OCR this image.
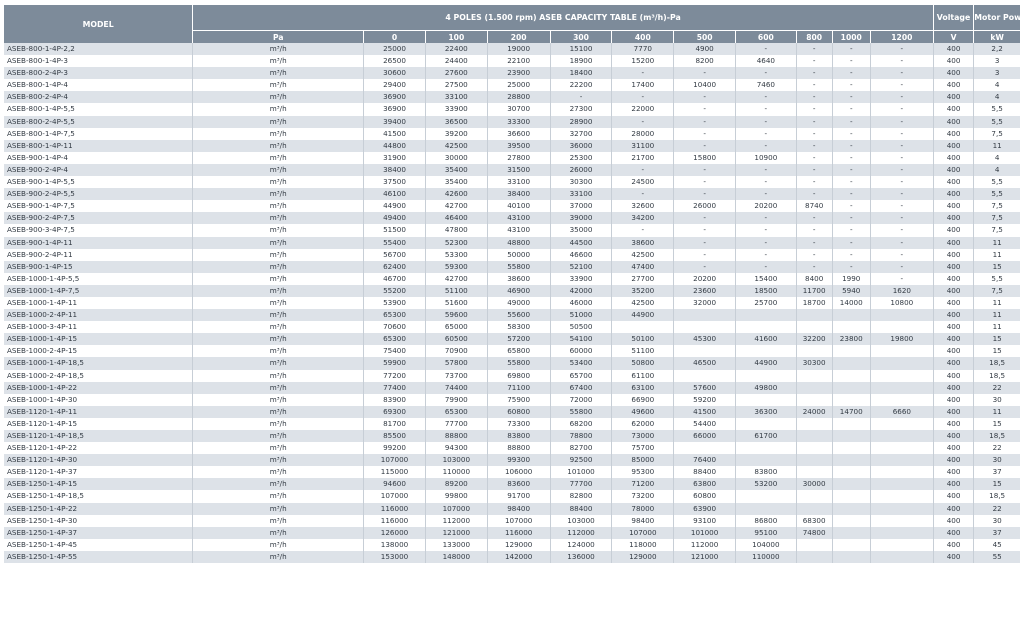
MODEL	4 POLES (1.500 rpm) ASEB CAPACITY TABLE (m³/h)-Pa											Voltage	Motor Power
	Pa	0	100	200	300	400	500	600	800	1000	1200	V	kW
ASEB-800-1-4P-2,2	m³/h	25000	22400	19000	15100	7770	4900	-	-	-	-	400	2,2
ASEB-800-1-4P-3	m³/h	26500	24400	22100	18900	15200	8200	4640	-	-	-	400	3
ASEB-800-2-4P-3	m³/h	30600	27600	23900	18400	-	-	-	-	-	-	400	3
ASEB-800-1-4P-4	m³/h	29400	27500	25000	22200	17400	10400	7460	-	-	-	400	4
ASEB-800-2-4P-4	m³/h	36900	33100	28800	-	-	-	-	-	-	-	400	4
ASEB-800-1-4P-5,5	m³/h	36900	33900	30700	27300	22000	-	-	-	-	-	400	5,5
ASEB-800-2-4P-5,5	m³/h	39400	36500	33300	28900	-	-	-	-	-	-	400	5,5
ASEB-800-1-4P-7,5	m³/h	41500	39200	36600	32700	28000	-	-	-	-	-	400	7,5
ASEB-800-1-4P-11	m³/h	44800	42500	39500	36000	31100	-	-	-	-	-	400	11
ASEB-900-1-4P-4	m³/h	31900	30000	27800	25300	21700	15800	10900	-	-	-	400	4
ASEB-900-2-4P-4	m³/h	38400	35400	31500	26000	-	-	-	-	-	-	400	4
ASEB-900-1-4P-5,5	m³/h	37500	35400	33100	30300	24500	-	-	-	-	-	400	5,5
ASEB-900-2-4P-5,5	m³/h	46100	42600	38400	33100	-	-	-	-	-	-	400	5,5
ASEB-900-1-4P-7,5	m³/h	44900	42700	40100	37000	32600	26000	20200	8740	-	-	400	7,5
ASEB-900-2-4P-7,5	m³/h	49400	46400	43100	39000	34200	-	-	-	-	-	400	7,5
ASEB-900-3-4P-7,5	m³/h	51500	47800	43100	35000	-	-	-	-	-	-	400	7,5
ASEB-900-1-4P-11	m³/h	55400	52300	48800	44500	38600	-	-	-	-	-	400	11
ASEB-900-2-4P-11	m³/h	56700	53300	50000	46600	42500	-	-	-	-	-	400	11
ASEB-900-1-4P-15	m³/h	62400	59300	55800	52100	47400	-	-	-	-	-	400	15
ASEB-1000-1-4P-5,5	m³/h	46700	42700	38600	33900	27700	20200	15400	8400	1990	-	400	5,5
ASEB-1000-1-4P-7,5	m³/h	55200	51100	46900	42000	35200	23600	18500	11700	5940	1620	400	7,5
ASEB-1000-1-4P-11	m³/h	53900	51600	49000	46000	42500	32000	25700	18700	14000	10800	400	11
ASEB-1000-2-4P-11	m³/h	65300	59600	55600	51000	44900						400	11
ASEB-1000-3-4P-11	m³/h	70600	65000	58300	50500							400	11
ASEB-1000-1-4P-15	m³/h	65300	60500	57200	54100	50100	45300	41600	32200	23800	19800	400	15
ASEB-1000-2-4P-15	m³/h	75400	70900	65800	60000	51100						400	15
ASEB-1000-1-4P-18,5	m³/h	59900	57800	55800	53400	50800	46500	44900	30300			400	18,5
ASEB-1000-2-4P-18,5	m³/h	77200	73700	69800	65700	61100						400	18,5
ASEB-1000-1-4P-22	m³/h	77400	74400	71100	67400	63100	57600	49800				400	22
ASEB-1000-1-4P-30	m³/h	83900	79900	75900	72000	66900	59200					400	30
ASEB-1120-1-4P-11	m³/h	69300	65300	60800	55800	49600	41500	36300	24000	14700	6660	400	11
ASEB-1120-1-4P-15	m³/h	81700	77700	73300	68200	62000	54400					400	15
ASEB-1120-1-4P-18,5	m³/h	85500	88800	83800	78800	73000	66000	61700				400	18,5
ASEB-1120-1-4P-22	m³/h	99200	94300	88800	82700	75700						400	22
ASEB-1120-1-4P-30	m³/h	107000	103000	99300	92500	85000	76400					400	30
ASEB-1120-1-4P-37	m³/h	115000	110000	106000	101000	95300	88400	83800				400	37
ASEB-1250-1-4P-15	m³/h	94600	89200	83600	77700	71200	63800	53200	30000			400	15
ASEB-1250-1-4P-18,5	m³/h	107000	99800	91700	82800	73200	60800					400	18,5
ASEB-1250-1-4P-22	m³/h	116000	107000	98400	88400	78000	63900					400	22
ASEB-1250-1-4P-30	m³/h	116000	112000	107000	103000	98400	93100	86800	68300			400	30
ASEB-1250-1-4P-37	m³/h	126000	121000	116000	112000	107000	101000	95100	74800			400	37
ASEB-1250-1-4P-45	m³/h	138000	133000	129000	124000	118000	112000	104000				400	45
ASEB-1250-1-4P-55	m³/h	153000	148000	142000	136000	129000	121000	110000				400	55
